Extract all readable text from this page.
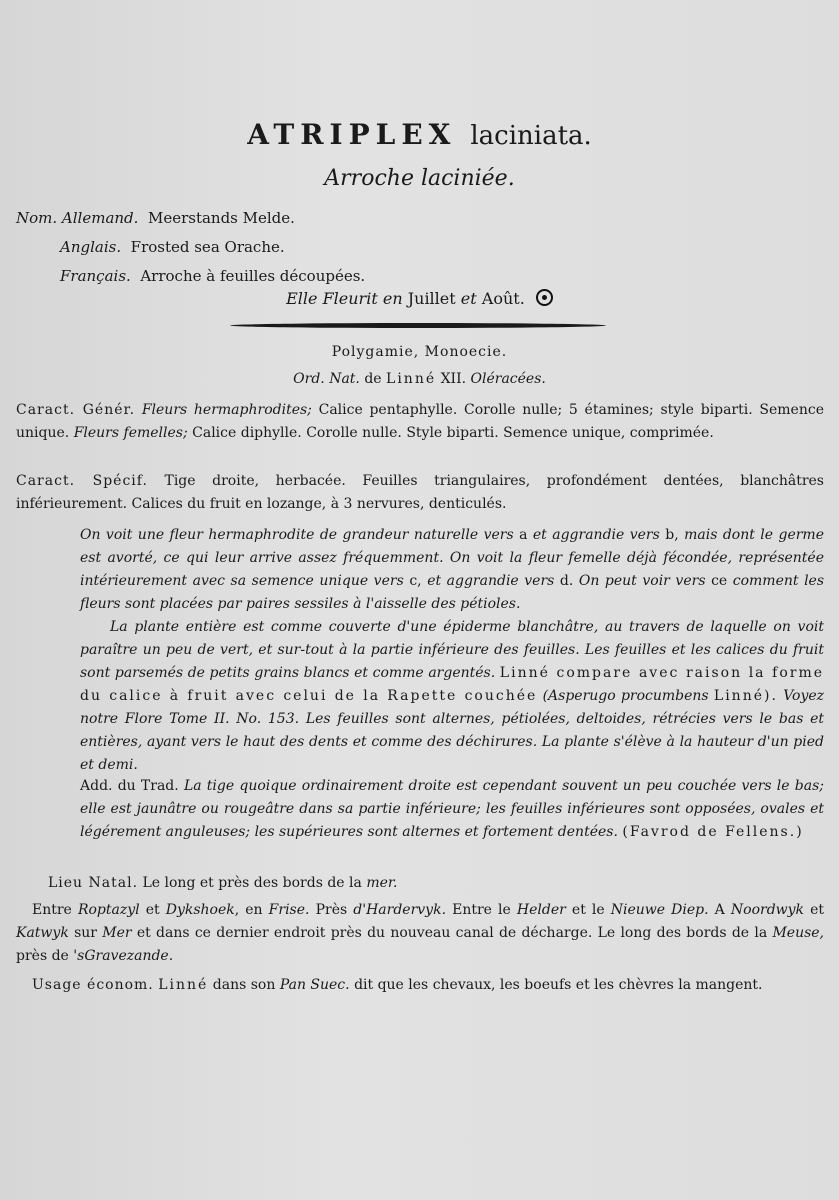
ATRIPLEX laciniata.
Arroche laciniée.
Nom. Allemand. Meerstands Melde.
Anglais. Frosted sea Orache.
Français. Arroche à feuilles découpées.
Elle Fleurit en Juillet et Août.
Polygamie, Monoecie.
Ord. Nat. de Linné XII. Oléracées.
Caract. Génér. Fleurs hermaphrodites; Calice pentaphylle. Corolle nulle; 5 étamines; style biparti. Semence unique. Fleurs femelles; Calice diphylle. Corolle nulle. Style biparti. Semence unique, comprimée.
Caract. Spécif. Tige droite, herbacée. Feuilles triangulaires, profondément dentées, blanchâtres inférieurement. Calices du fruit en lozange, à 3 nervures, denticulés.
On voit une fleur hermaphrodite de grandeur naturelle vers a et aggrandie vers b, mais dont le germe est avorté, ce qui leur arrive assez fréquemment. On voit la fleur femelle déjà fécondée, représentée intérieurement avec sa semence unique vers c, et aggrandie vers d. On peut voir vers ce comment les fleurs sont placées par paires sessiles à l'aisselle des pétioles.
La plante entière est comme couverte d'une épiderme blanchâtre, au travers de laquelle on voit paraître un peu de vert, et sur-tout à la partie inférieure des feuilles. Les feuilles et les calices du fruit sont parsemés de petits grains blancs et comme argentés. Linné compare avec raison la forme du calice à fruit avec celui de la Rapette couchée (Asperugo procumbens Linné). Voyez notre Flore Tome II. No. 153. Les feuilles sont alternes, pétiolées, deltoides, rétrécies vers le bas et entières, ayant vers le haut des dents et comme des déchirures. La plante s'élève à la hauteur d'un pied et demi.
Add. du Trad. La tige quoique ordinairement droite est cependant souvent un peu couchée vers le bas; elle est jaunâtre ou rougeâtre dans sa partie inférieure; les feuilles inférieures sont opposées, ovales et légérement anguleuses; les supérieures sont alternes et fortement dentées. (Favrod de Fellens.)
Lieu Natal. Le long et près des bords de la mer.
Entre Roptazyl et Dykshoek, en Frise. Près d'Hardervyk. Entre le Helder et le Nieuwe Diep. A Noordwyk et Katwyk sur Mer et dans ce dernier endroit près du nouveau canal de décharge. Le long des bords de la Meuse, près de 'sGravezande.
Usage économ. Linné dans son Pan Suec. dit que les chevaux, les boeufs et les chèvres la mangent.
